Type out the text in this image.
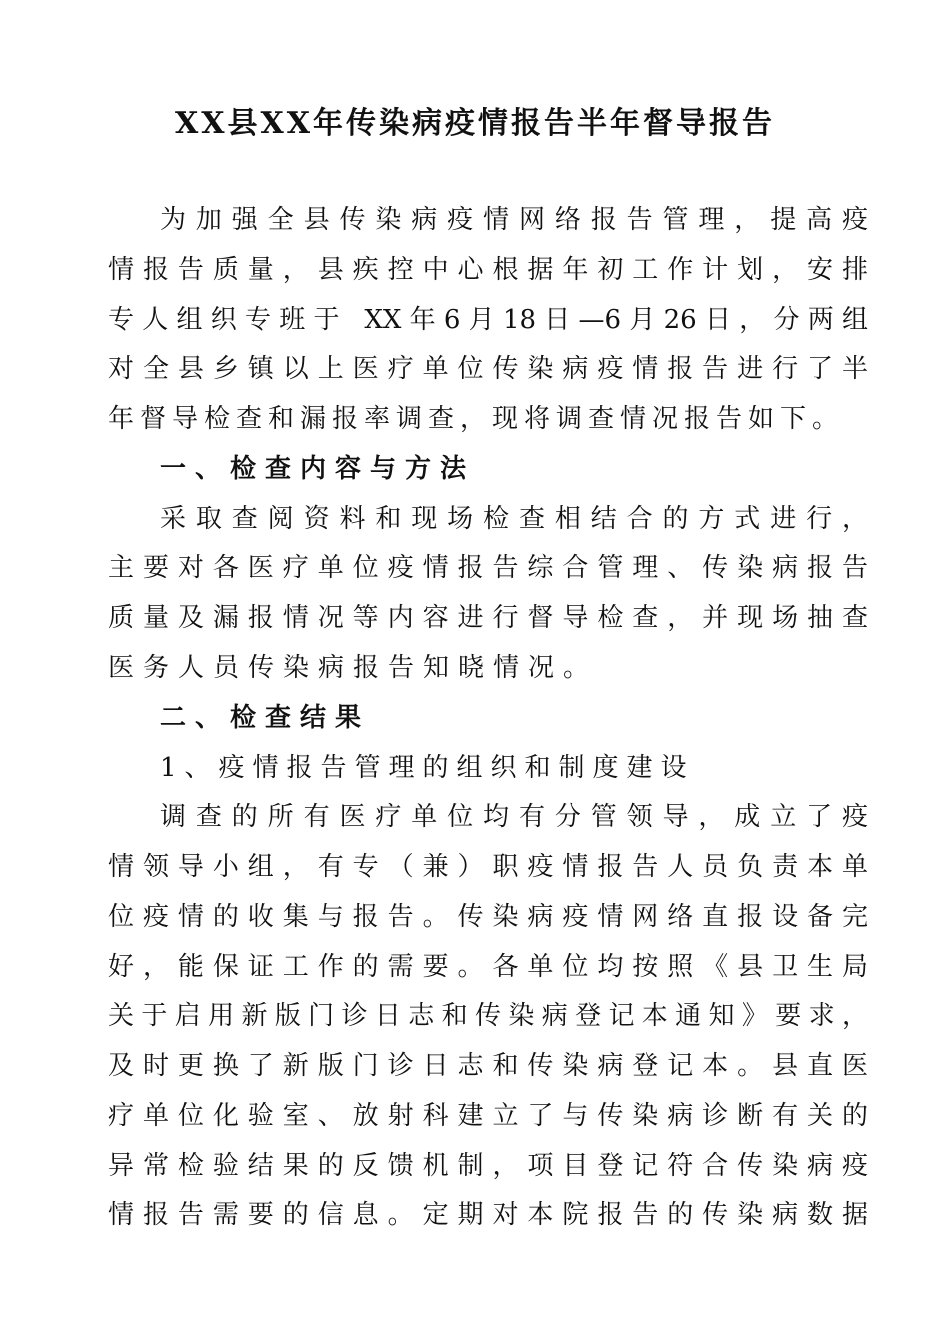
XX县XX年传染病疫情报告半年督导报告
为加强全县传染病疫情网络报告管理，提高疫
情报告质量，县疾控中心根据年初工作计划，安排
专人组织专班于 XX年6月18日—6月26日，分两组
对全县乡镇以上医疗单位传染病疫情报告进行了半
年督导检查和漏报率调查，现将调查情况报告如下。
一、检查内容与方法
采取查阅资料和现场检查相结合的方式进行，
主要对各医疗单位疫情报告综合管理、传染病报告
质量及漏报情况等内容进行督导检查，并现场抽查
医务人员传染病报告知晓情况。
二、检查结果
1、疫情报告管理的组织和制度建设
调查的所有医疗单位均有分管领导，成立了疫
情领导小组，有专（兼）职疫情报告人员负责本单
位疫情的收集与报告。传染病疫情网络直报设备完
好，能保证工作的需要。各单位均按照《县卫生局
关于启用新版门诊日志和传染病登记本通知》要求，
及时更换了新版门诊日志和传染病登记本。县直医
疗单位化验室、放射科建立了与传染病诊断有关的
异常检验结果的反馈机制，项目登记符合传染病疫
情报告需要的信息。定期对本院报告的传染病数据
